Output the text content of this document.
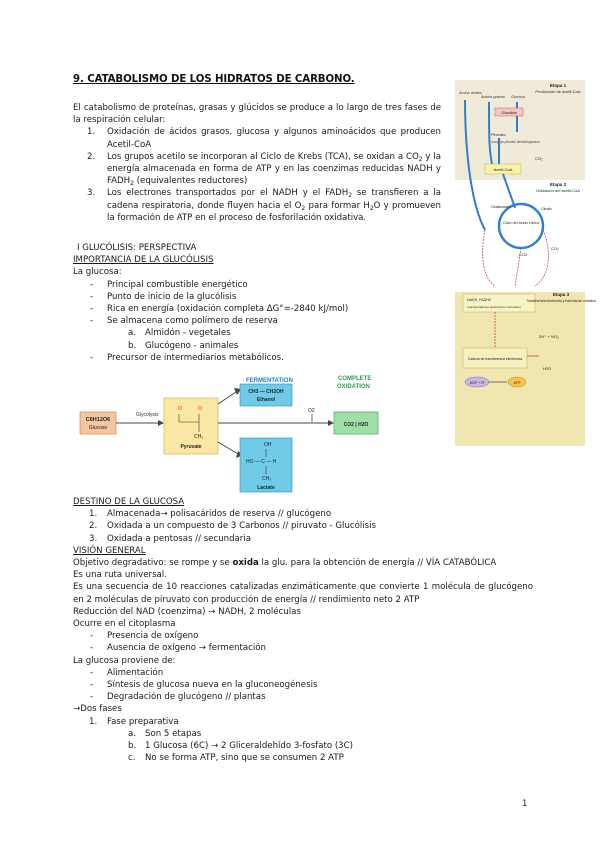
9. CATABOLISMO DE LOS HIDRATOS DE CARBONO.

El catabolismo de proteínas, grasas y glúcidos se produce a lo largo de tres fases de la respiración celular:

1. Oxidación de ácidos grasos, glucosa y algunos aminoácidos que producen Acetil-CoA
2. Los grupos acetilo se incorporan al Ciclo de Krebs (TCA), se oxidan a $CO_2$ y la energía almacenada en forma de ATP y en las coenzimas reducidas NADH y $FADH_2$ (equivalentes reductores)
3. Los electrones transportados por el NADH y el $FADH_2$ se transfieren a la cadena respiratoria, donde fluyen hacia el $O_2$ para formar $H_2O$ y promueven la formación de ATP en el proceso de fosforilación oxidativa.
I GLUCÓLISIS: PERSPECTIVA
IMPORTANCIA DE LA GLUCÓLISIS
La glucosa:
- Principal combustible energético
- Punto de inicio de la glucólisis
- Rica en energía (oxidación completa ΔG°=-2840 kJ/mol)
- Se almacena como polímero de reserva
a. Almidón - vegetales
b. Glucógeno - animales
- Precursor de intermediarios metabólicos.
FERMENTATION	COMPLETE
OXIDATION
C6H12O6
Glucose
Glycolysis
O	O
CH₃
Pyruvate
CH3 — CH2OH
Ethanol
O2
CO2 | H2O
OH
HO — C — H
CH₃
Lactate
Etapa 1
Producción de acetil-CoA
Amino ácidos
Ácidos grasos Glucosa
Glucólisis
Piruvato
complejo piruvato deshidrogenasa
CO₂
Acetil-CoA
Etapa 2
Oxidación del acetil-CoA
Ciclo del ácido cítrico
Oxalacetato	Citrato
CO₂
CO2
NADH, FADH2
(transportadores electrónicos reducidos)
Etapa 3
Transferencia electrónica y fosforilación oxidativa
2H⁺ + ½O₂
Cadena de transferencia electrónica
H2O
ADP + Pi	ATP
DESTINO DE LA GLUCOSA
1. Almacenada→ polisacáridos de reserva // glucógeno
2. Oxidada a un compuesto de 3 Carbonos // piruvato - Glucólisis
3. Oxidada a pentosas // secundaria
VISIÓN GENERAL
Objetivo degradativo: se rompe y se oxida la glu. para la obtención de energía // VÍA CATABÓLICA
Es una ruta universal.

Es una secuencia de 10 reacciones catalizadas enzimáticamente que convierte 1 molécula de glucógeno en 2 moléculas de piruvato con producción de energía // rendimiento neto 2 ATP

Reducción del NAD (coenzima) → NADH, 2 moléculas
Ocurre en el citoplasma
- Presencia de oxígeno
- Ausencia de oxígeno → fermentación
La glucosa proviene de:
- Alimentación
- Síntesis de glucosa nueva en la gluconeogénesis
- Degradación de glucógeno // plantas
→Dos fases
1. Fase preparativa
a. Son 5 etapas
b. 1 Glucosa (6C) → 2 Gliceraldehído 3-fosfato (3C)
c. No se forma ATP, sino que se consumen 2 ATP
1
